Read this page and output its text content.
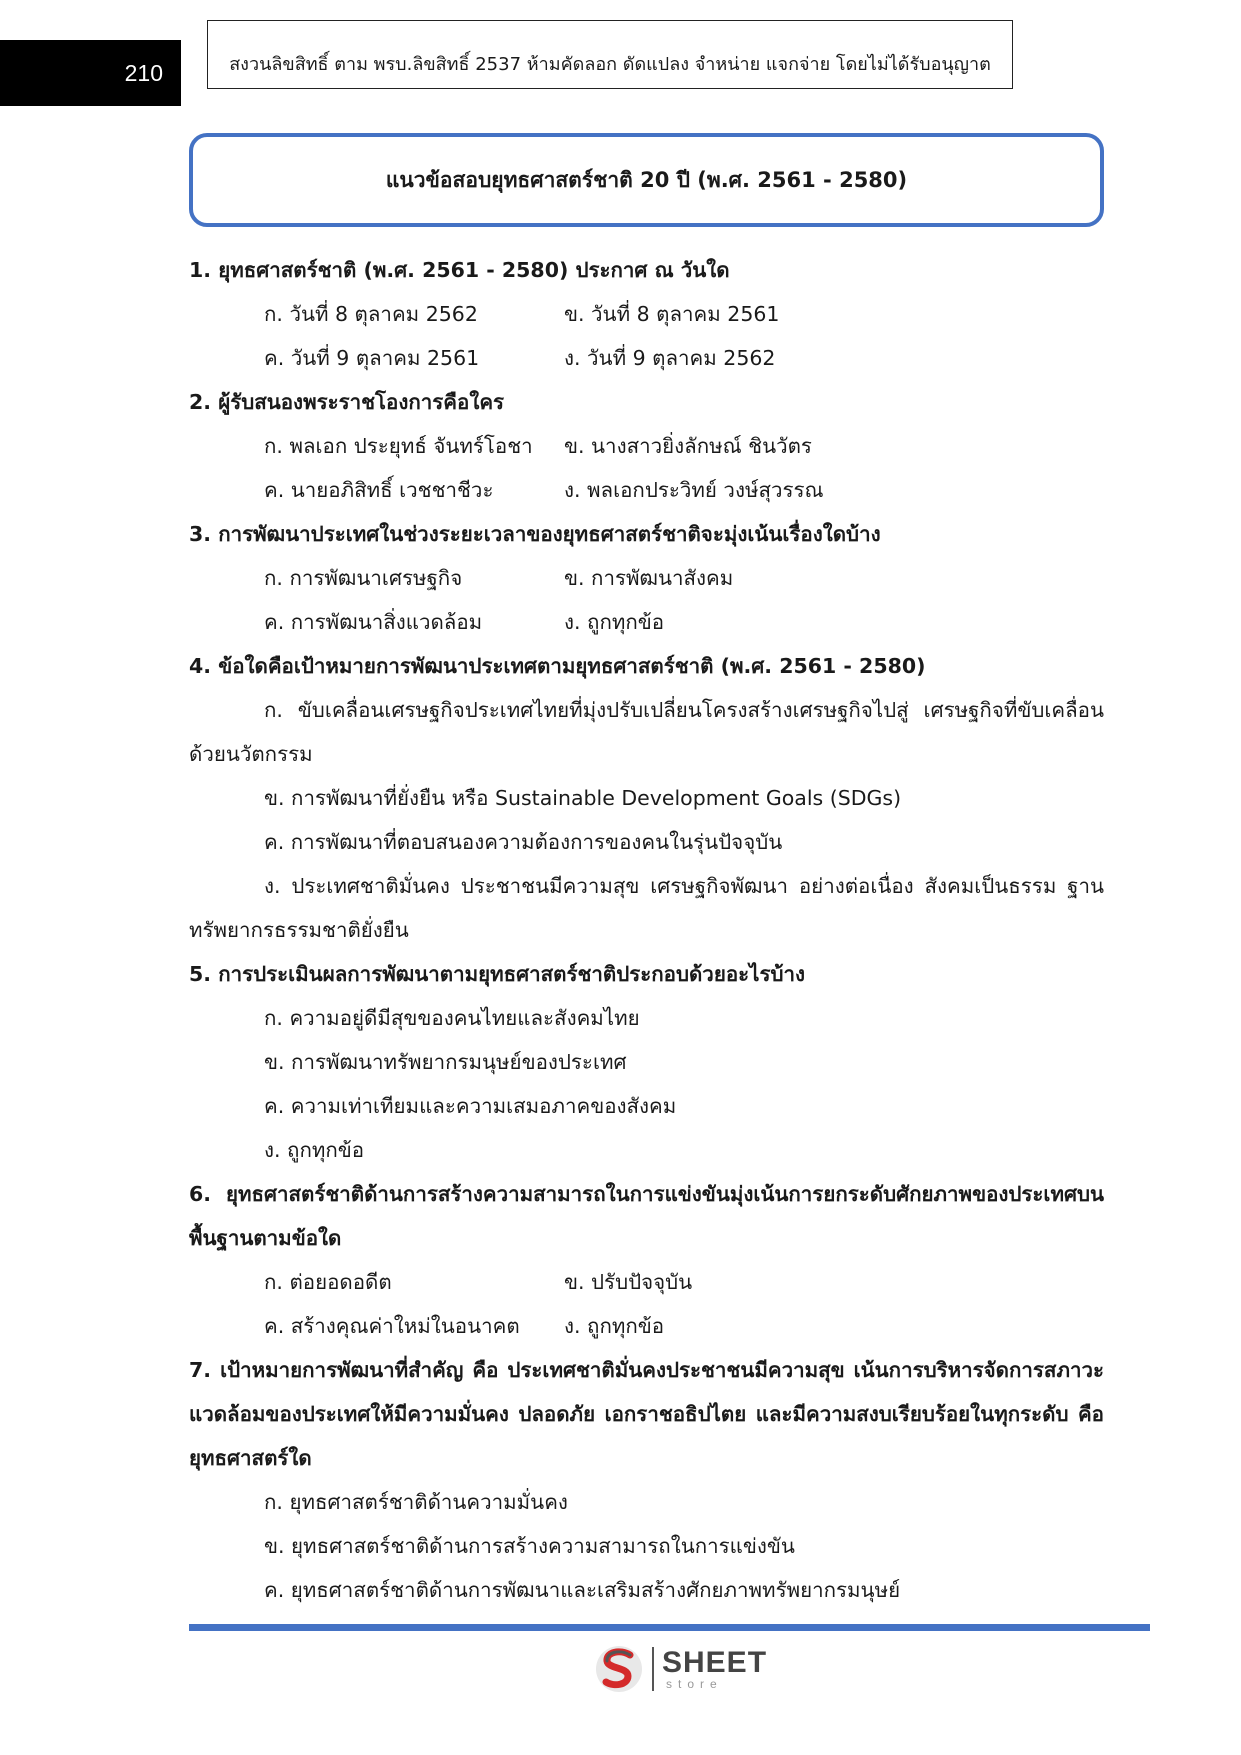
210	สงวนลิขสิทธิ์ ตาม พรบ.ลิขสิทธิ์ 2537 ห้ามคัดลอก ดัดแปลง จำหน่าย แจกจ่าย โดยไม่ได้รับอนุญาต
แนวข้อสอบยุทธศาสตร์ชาติ 20 ปี (พ.ศ. 2561 - 2580)
1. ยุทธศาสตร์ชาติ (พ.ศ. 2561 - 2580) ประกาศ ณ วันใด
ก. วันที่ 8 ตุลาคม 2562	ข. วันที่ 8 ตุลาคม 2561
ค. วันที่ 9 ตุลาคม 2561	ง. วันที่ 9 ตุลาคม 2562
2. ผู้รับสนองพระราชโองการคือใคร
ก. พลเอก ประยุทธ์ จันทร์โอชา	ข. นางสาวยิ่งลักษณ์ ชินวัตร
ค. นายอภิสิทธิ์ เวชชาชีวะ	ง. พลเอกประวิทย์ วงษ์สุวรรณ
3. การพัฒนาประเทศในช่วงระยะเวลาของยุทธศาสตร์ชาติจะมุ่งเน้นเรื่องใดบ้าง
ก. การพัฒนาเศรษฐกิจ	ข. การพัฒนาสังคม
ค. การพัฒนาสิ่งแวดล้อม	ง. ถูกทุกข้อ
4. ข้อใดคือเป้าหมายการพัฒนาประเทศตามยุทธศาสตร์ชาติ (พ.ศ. 2561 - 2580)
ก. ขับเคลื่อนเศรษฐกิจประเทศไทยที่มุ่งปรับเปลี่ยนโครงสร้างเศรษฐกิจไปสู่ เศรษฐกิจที่ขับเคลื่อนด้วยนวัตกรรม
ข. การพัฒนาที่ยั่งยืน หรือ Sustainable Development Goals (SDGs)
ค. การพัฒนาที่ตอบสนองความต้องการของคนในรุ่นปัจจุบัน
ง. ประเทศชาติมั่นคง ประชาชนมีความสุข เศรษฐกิจพัฒนา อย่างต่อเนื่อง สังคมเป็นธรรม ฐานทรัพยากรธรรมชาติยั่งยืน
5. การประเมินผลการพัฒนาตามยุทธศาสตร์ชาติประกอบด้วยอะไรบ้าง
ก. ความอยู่ดีมีสุขของคนไทยและสังคมไทย
ข. การพัฒนาทรัพยากรมนุษย์ของประเทศ
ค. ความเท่าเทียมและความเสมอภาคของสังคม
ง. ถูกทุกข้อ
6. ยุทธศาสตร์ชาติด้านการสร้างความสามารถในการแข่งขันมุ่งเน้นการยกระดับศักยภาพของประเทศบนพื้นฐานตามข้อใด
ก. ต่อยอดอดีต	ข. ปรับปัจจุบัน
ค. สร้างคุณค่าใหม่ในอนาคต	ง. ถูกทุกข้อ
7. เป้าหมายการพัฒนาที่สำคัญ คือ ประเทศชาติมั่นคงประชาชนมีความสุข เน้นการบริหารจัดการสภาวะแวดล้อมของประเทศให้มีความมั่นคง ปลอดภัย เอกราชอธิปไตย และมีความสงบเรียบร้อยในทุกระดับ คือยุทธศาสตร์ใด
ก. ยุทธศาสตร์ชาติด้านความมั่นคง
ข. ยุทธศาสตร์ชาติด้านการสร้างความสามารถในการแข่งขัน
ค. ยุทธศาสตร์ชาติด้านการพัฒนาและเสริมสร้างศักยภาพทรัพยากรมนุษย์
SHEET
store
